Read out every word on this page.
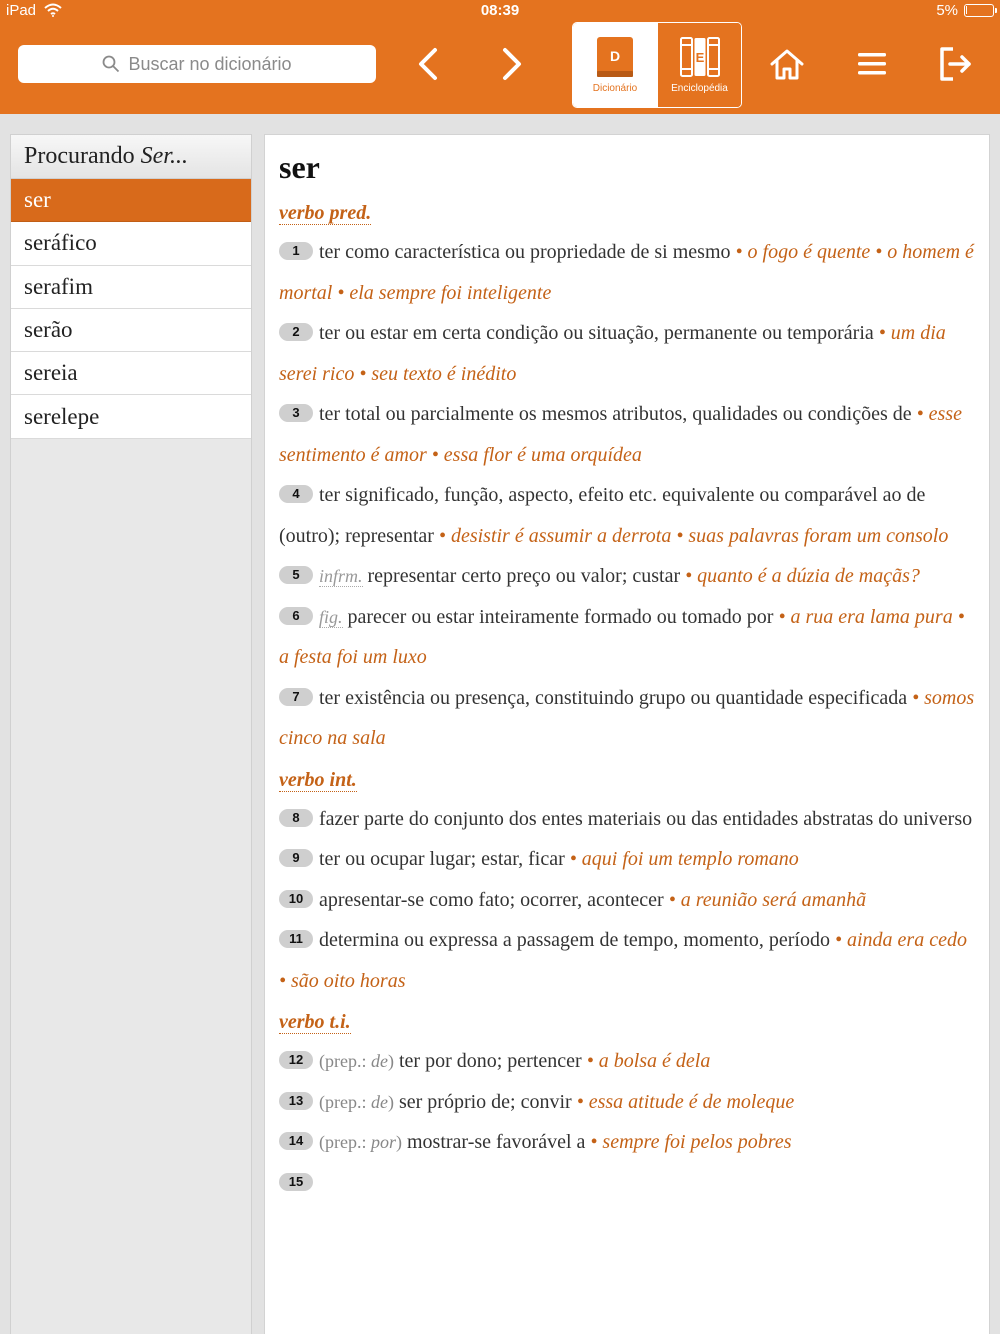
iPad	08:39	5%
Buscar no dicionário	D
Dicionário
E
Enciclopédia
Procurando
Ser...
ser
seráfico
serafim
serão
sereia
serelepe
ser
verbo pred.
1 ter como característica ou propriedade de si mesmo • o fogo é quente • o homem é mortal • ela sempre foi inteligente
2 ter ou estar em certa condição ou situação, permanente ou temporária • um dia serei rico • seu texto é inédito
3 ter total ou parcialmente os mesmos atributos, qualidades ou condições de • esse sentimento é amor • essa flor é uma orquídea
4 ter significado, função, aspecto, efeito etc. equivalente ou comparável ao de (outro); representar • desistir é assumir a derrota • suas palavras foram um consolo
5 infrm. representar certo preço ou valor; custar • quanto é a dúzia de maçãs?
6 fig. parecer ou estar inteiramente formado ou tomado por • a rua era lama pura • a festa foi um luxo
7 ter existência ou presença, constituindo grupo ou quantidade especificada • somos cinco na sala
verbo int.
8 fazer parte do conjunto dos entes materiais ou das entidades abstratas do universo
9 ter ou ocupar lugar; estar, ficar • aqui foi um templo romano
10 apresentar-se como fato; ocorrer, acontecer • a reunião será amanhã
11 determina ou expressa a passagem de tempo, momento, período • ainda era cedo • são oito horas
verbo t.i.
12 (prep.: de) ter por dono; pertencer • a bolsa é dela
13 (prep.: de) ser próprio de; convir • essa atitude é de moleque
14 (prep.: por) mostrar-se favorável a • sempre foi pelos pobres
15
